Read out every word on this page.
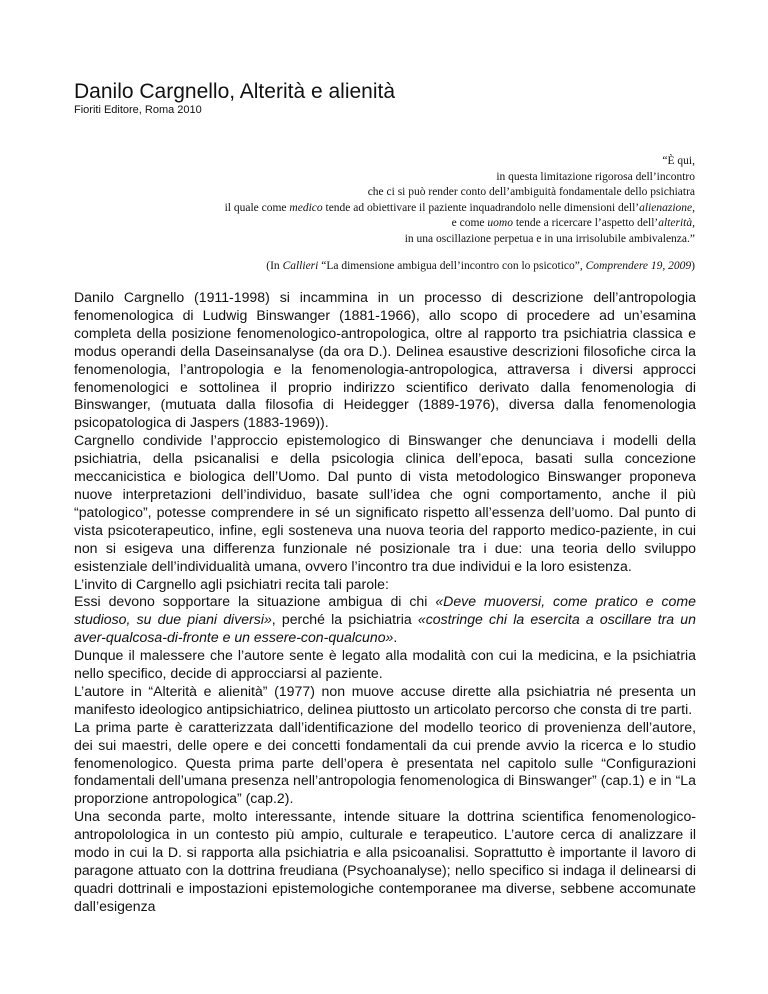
Danilo Cargnello, Alterità e alienità
Fioriti Editore, Roma 2010
“È qui,
in questa limitazione rigorosa dell’incontro
che ci si può render conto dell’ambiguità fondamentale dello psichiatra
il quale come medico tende ad obiettivare il paziente inquadrandolo nelle dimensioni dell’alienazione,
e come uomo tende a ricercare l’aspetto dell’alterità,
in una oscillazione perpetua e in una irrisolubile ambivalenza.”
(In Callieri “La dimensione ambigua dell’incontro con lo psicotico”, Comprendere 19, 2009)

Danilo Cargnello (1911-1998) si incammina in un processo di descrizione dell’antropologia fenomenologica di Ludwig Binswanger (1881-1966), allo scopo di procedere ad un’esamina completa della posizione fenomenologico-antropologica, oltre al rapporto tra psichiatria classica e modus operandi della Daseinsanalyse (da ora D.). Delinea esaustive descrizioni filosofiche circa la fenomenologia, l’antropologia e la fenomenologia-antropologica, attraversa i diversi approcci fenomenologici e sottolinea il proprio indirizzo scientifico derivato dalla fenomenologia di Binswanger, (mutuata dalla filosofia di Heidegger (1889-1976), diversa dalla fenomenologia psicopatologica di Jaspers (1883-1969)).

Cargnello condivide l’approccio epistemologico di Binswanger che denunciava i modelli della psichiatria, della psicanalisi e della psicologia clinica dell’epoca, basati sulla concezione meccanicistica e biologica dell’Uomo. Dal punto di vista metodologico Binswanger proponeva nuove interpretazioni dell’individuo, basate sull’idea che ogni comportamento, anche il più “patologico”, potesse comprendere in sé un significato rispetto all’essenza dell’uomo. Dal punto di vista psicoterapeutico, infine, egli sosteneva una nuova teoria del rapporto medico-paziente, in cui non si esigeva una differenza funzionale né posizionale tra i due: una teoria dello sviluppo esistenziale dell’individualità umana, ovvero l’incontro tra due individui e la loro esistenza.

L’invito di Cargnello agli psichiatri recita tali parole:

Essi devono sopportare la situazione ambigua di chi «Deve muoversi, come pratico e come studioso, su due piani diversi», perché la psichiatria «costringe chi la esercita a oscillare tra un aver-qualcosa-di-fronte e un essere-con-qualcuno».

Dunque il malessere che l’autore sente è legato alla modalità con cui la medicina, e la psichiatria nello specifico, decide di approcciarsi al paziente.

L’autore in “Alterità e alienità” (1977) non muove accuse dirette alla psichiatria né presenta un manifesto ideologico antipsichiatrico, delinea piuttosto un articolato percorso che consta di tre parti.

La prima parte è caratterizzata dall’identificazione del modello teorico di provenienza dell’autore, dei sui maestri, delle opere e dei concetti fondamentali da cui prende avvio la ricerca e lo studio fenomenologico. Questa prima parte dell’opera è presentata nel capitolo sulle “Configurazioni fondamentali dell’umana presenza nell’antropologia fenomenologica di Binswanger” (cap.1) e in “La proporzione antropologica” (cap.2).

Una seconda parte, molto interessante, intende situare la dottrina scientifica fenomenologico-antropolologica in un contesto più ampio, culturale e terapeutico. L’autore cerca di analizzare il modo in cui la D. si rapporta alla psichiatria e alla psicoanalisi. Soprattutto è importante il lavoro di paragone attuato con la dottrina freudiana (Psychoanalyse); nello specifico si indaga il delinearsi di quadri dottrinali e impostazioni epistemologiche contemporanee ma diverse, sebbene accomunate dall’esigenza
